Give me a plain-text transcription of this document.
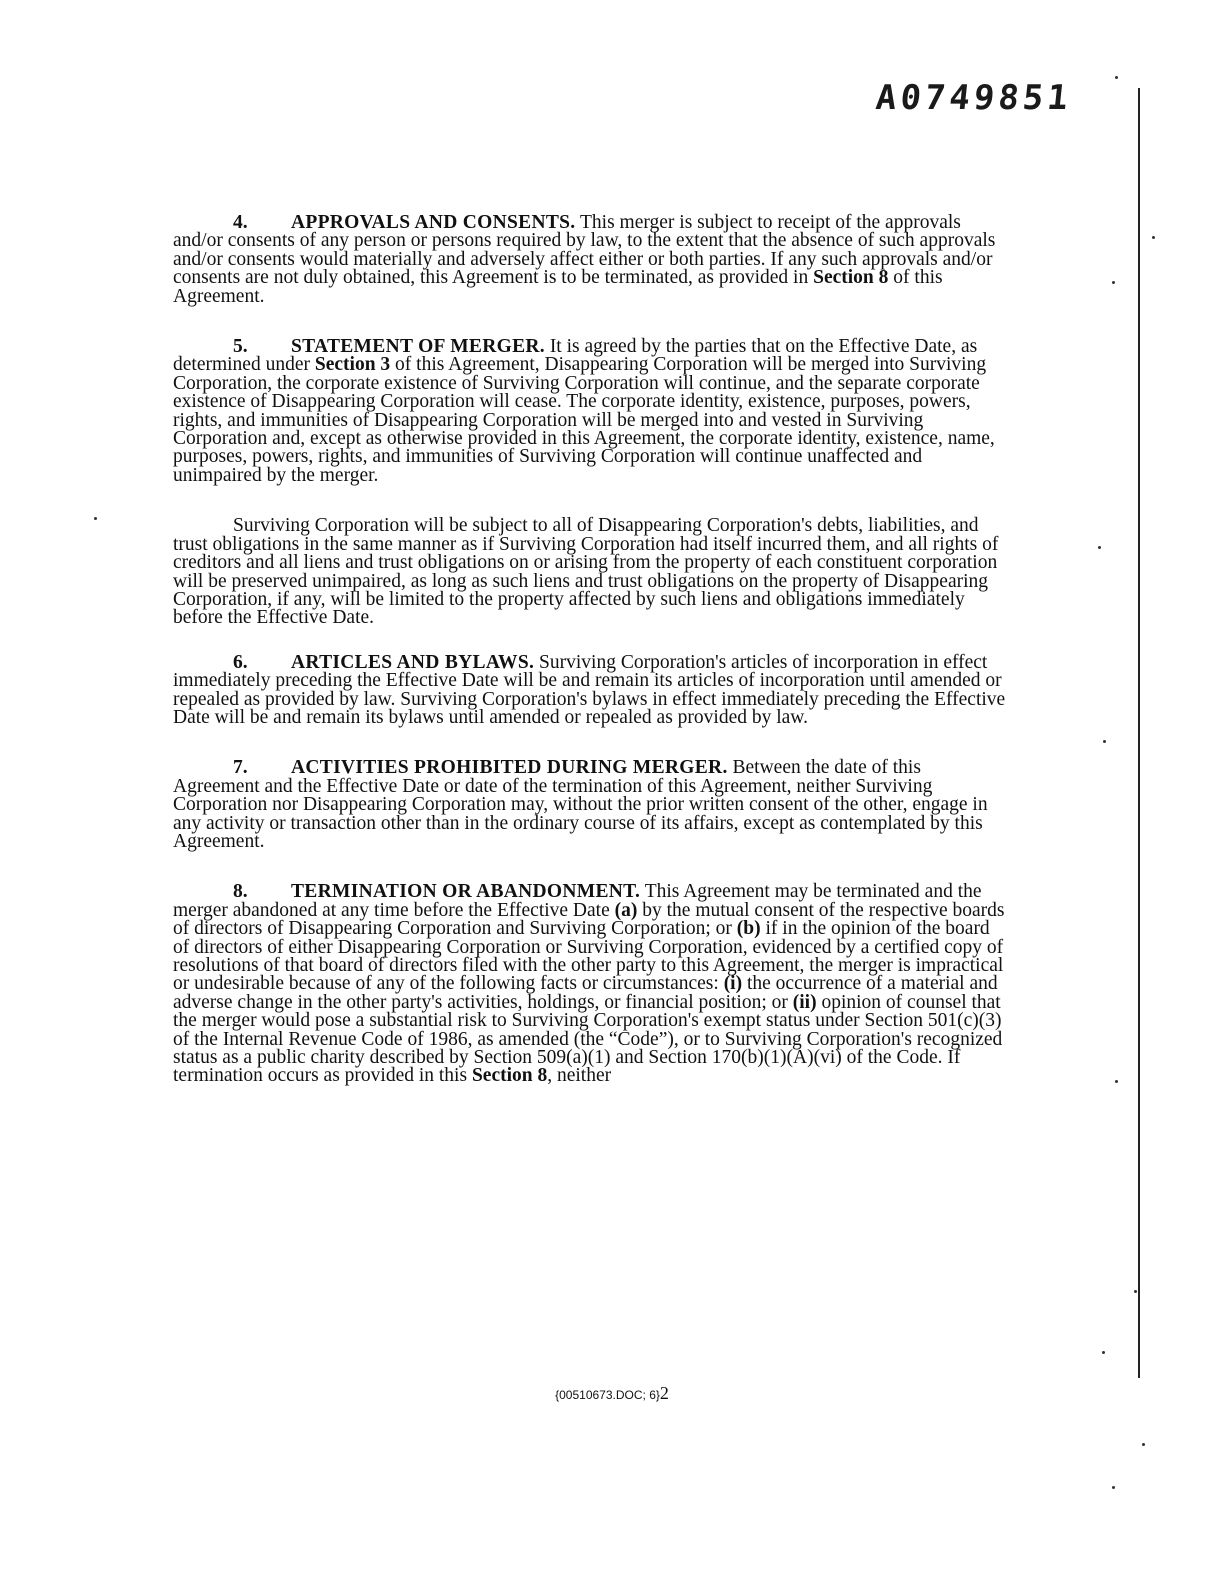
A0749851

4. APPROVALS AND CONSENTS. This merger is subject to receipt of the approvals and/or consents of any person or persons required by law, to the extent that the absence of such approvals and/or consents would materially and adversely affect either or both parties. If any such approvals and/or consents are not duly obtained, this Agreement is to be terminated, as provided in Section 8 of this Agreement.

5. STATEMENT OF MERGER. It is agreed by the parties that on the Effective Date, as determined under Section 3 of this Agreement, Disappearing Corporation will be merged into Surviving Corporation, the corporate existence of Surviving Corporation will continue, and the separate corporate existence of Disappearing Corporation will cease. The corporate identity, existence, purposes, powers, rights, and immunities of Disappearing Corporation will be merged into and vested in Surviving Corporation and, except as otherwise provided in this Agreement, the corporate identity, existence, name, purposes, powers, rights, and immunities of Surviving Corporation will continue unaffected and unimpaired by the merger.

Surviving Corporation will be subject to all of Disappearing Corporation's debts, liabilities, and trust obligations in the same manner as if Surviving Corporation had itself incurred them, and all rights of creditors and all liens and trust obligations on or arising from the property of each constituent corporation will be preserved unimpaired, as long as such liens and trust obligations on the property of Disappearing Corporation, if any, will be limited to the property affected by such liens and obligations immediately before the Effective Date.

6. ARTICLES AND BYLAWS. Surviving Corporation's articles of incorporation in effect immediately preceding the Effective Date will be and remain its articles of incorporation until amended or repealed as provided by law. Surviving Corporation's bylaws in effect immediately preceding the Effective Date will be and remain its bylaws until amended or repealed as provided by law.

7. ACTIVITIES PROHIBITED DURING MERGER. Between the date of this Agreement and the Effective Date or date of the termination of this Agreement, neither Surviving Corporation nor Disappearing Corporation may, without the prior written consent of the other, engage in any activity or transaction other than in the ordinary course of its affairs, except as contemplated by this Agreement.

8. TERMINATION OR ABANDONMENT. This Agreement may be terminated and the merger abandoned at any time before the Effective Date (a) by the mutual consent of the respective boards of directors of Disappearing Corporation and Surviving Corporation; or (b) if in the opinion of the board of directors of either Disappearing Corporation or Surviving Corporation, evidenced by a certified copy of resolutions of that board of directors filed with the other party to this Agreement, the merger is impractical or undesirable because of any of the following facts or circumstances: (i) the occurrence of a material and adverse change in the other party's activities, holdings, or financial position; or (ii) opinion of counsel that the merger would pose a substantial risk to Surviving Corporation's exempt status under Section 501(c)(3) of the Internal Revenue Code of 1986, as amended (the “Code”), or to Surviving Corporation's recognized status as a public charity described by Section 509(a)(1) and Section 170(b)(1)(A)(vi) of the Code. If termination occurs as provided in this Section 8, neither

{00510673.DOC; 6}2
